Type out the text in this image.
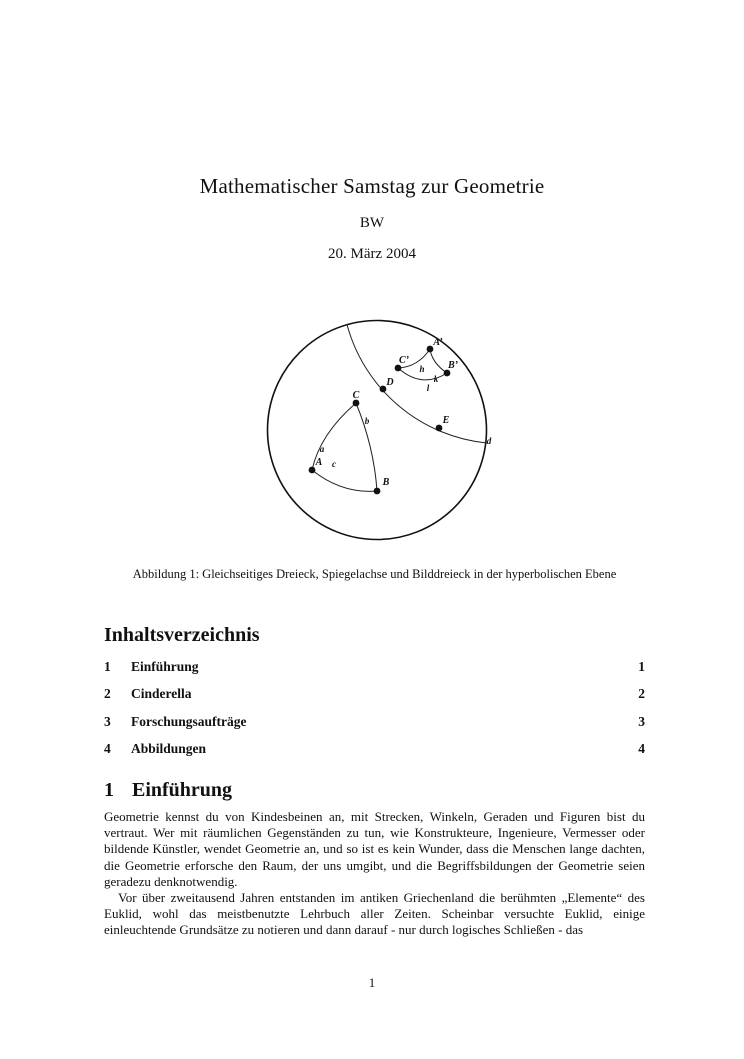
Mathematischer Samstag zur Geometrie
BW
20. März 2004
C
A
B
a
b
c
D
E
A’
C’	B’
h
k
l
d
Abbildung 1: Gleichseitiges Dreieck, Spiegelachse und Bilddreieck in der hyperbolischen Ebene
Inhaltsverzeichnis
1	Einführung	1
2	Cinderella	2
3	Forschungsaufträge	3
4	Abbildungen	4
1 Einführung

Geometrie kennst du von Kindesbeinen an, mit Strecken, Winkeln, Geraden und Figuren bist du vertraut. Wer mit räumlichen Gegenständen zu tun, wie Konstrukteure, Ingenieure, Vermesser oder bildende Künstler, wendet Geometrie an, und so ist es kein Wunder, dass die Menschen lange dachten, die Geometrie erforsche den Raum, der uns umgibt, und die Begriffsbildungen der Geometrie seien geradezu denknotwendig.

Vor über zweitausend Jahren entstanden im antiken Griechenland die berühmten „Elemente“ des Euklid, wohl das meistbenutzte Lehrbuch aller Zeiten. Scheinbar versuchte Euklid, einige einleuchtende Grundsätze zu notieren und dann darauf - nur durch logisches Schließen - das

1
